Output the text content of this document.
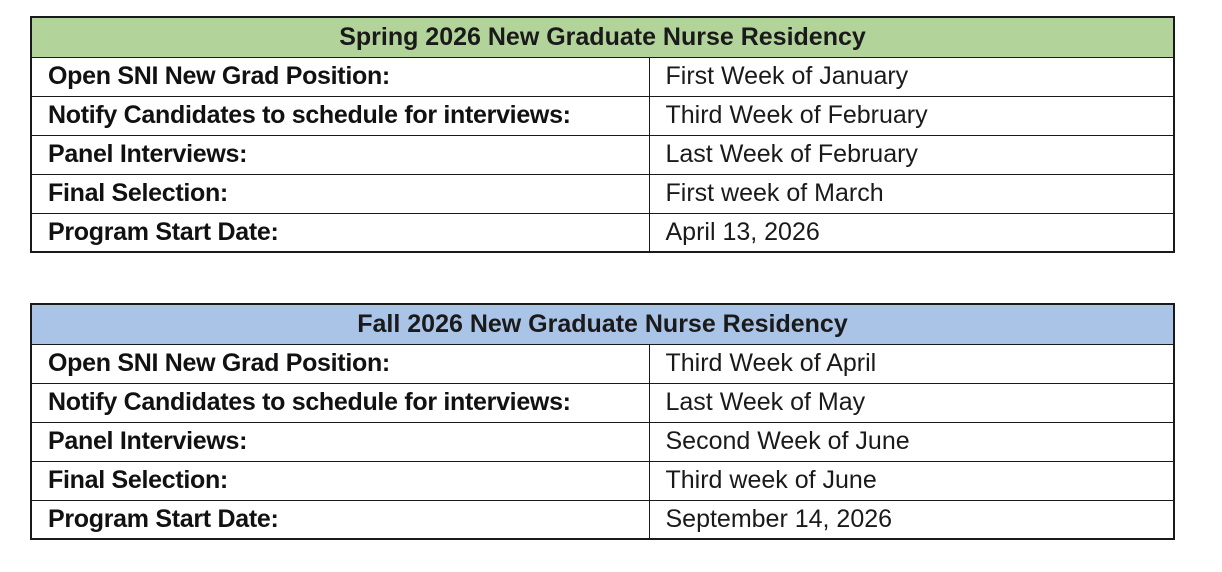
Spring 2026 New Graduate Nurse Residency	
Open SNI New Grad Position:	First Week of January
Notify Candidates to schedule for interviews:	Third Week of February
Panel Interviews:	Last Week of February
Final Selection:	First week of March
Program Start Date:	April 13, 2026
Fall 2026 New Graduate Nurse Residency	
Open SNI New Grad Position:	Third Week of April
Notify Candidates to schedule for interviews:	Last Week of May
Panel Interviews:	Second Week of June
Final Selection:	Third week of June
Program Start Date:	September 14, 2026
